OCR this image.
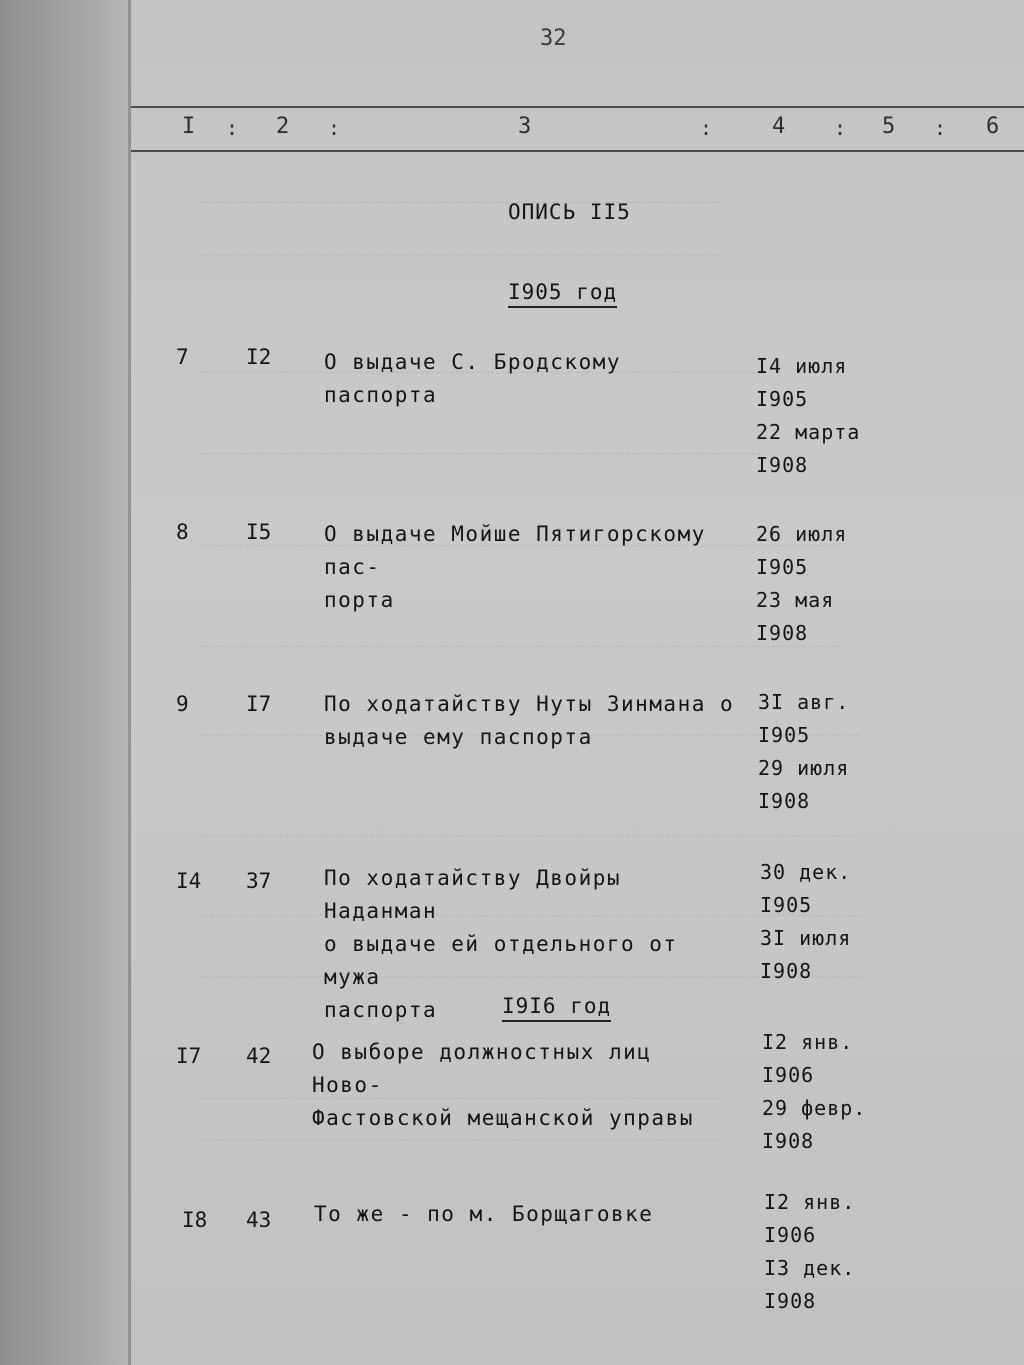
32
I : 2 :	3	:	4 : 5 : 6
ОПИСЬ II5
I905 год
7	I2	О выдаче С. Бродскому паспорта
I4 июля
I905
22 марта
I908
8	I5	О выдаче Мойше Пятигорскому пас-
порта
26 июля
I905
23 мая
I908
9	I7	По ходатайству Нуты Зинмана о
выдаче ему паспорта
3I авг.
I905
29 июля
I908
I4 37	По ходатайству Двойры Наданман
о выдаче ей отдельного от мужа
паспорта
30 дек.
I905
3I июля
I908
I9I6 год
I7 42 О выборе должностных лиц Ново-
Фастовской мещанской управы
I2 янв.
I906
29 февр.
I908
I8 43 То же - по м. Борщаговке	I2 янв.
I906
I3 дек.
I908
